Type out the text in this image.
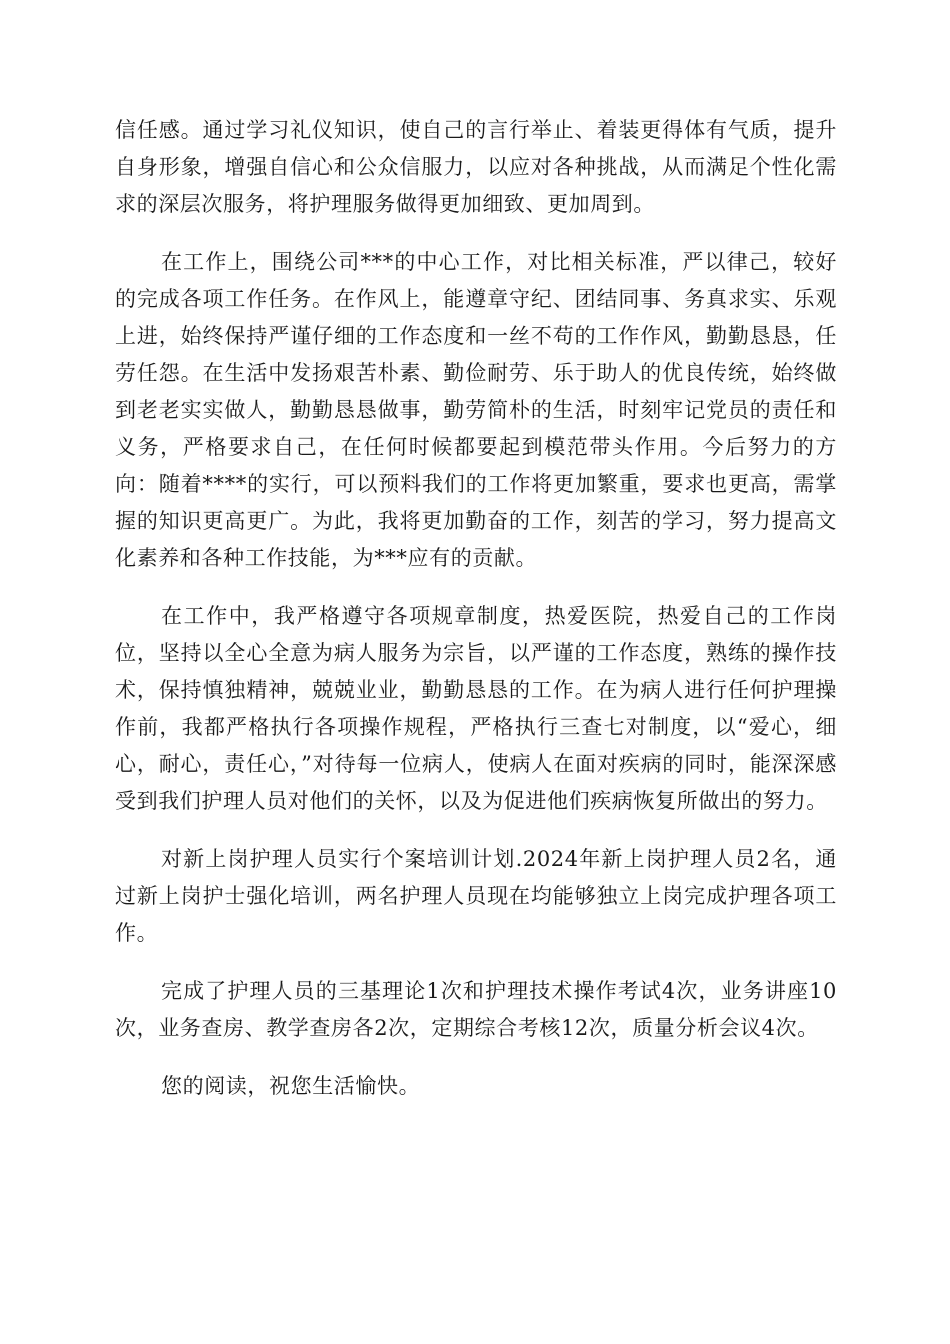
信任感。通过学习礼仪知识，使自己的言行举止、着装更得体有气质，提升自身形象，增强自信心和公众信服力，以应对各种挑战，从而满足个性化需求的深层次服务，将护理服务做得更加细致、更加周到。

在工作上，围绕公司***的中心工作，对比相关标准，严以律己，较好的完成各项工作任务。在作风上，能遵章守纪、团结同事、务真求实、乐观上进，始终保持严谨仔细的工作态度和一丝不苟的工作作风，勤勤恳恳，任劳任怨。在生活中发扬艰苦朴素、勤俭耐劳、乐于助人的优良传统，始终做到老老实实做人，勤勤恳恳做事，勤劳简朴的生活，时刻牢记党员的责任和义务，严格要求自己，在任何时候都要起到模范带头作用。今后努力的方向：随着****的实行，可以预料我们的工作将更加繁重，要求也更高，需掌握的知识更高更广。为此，我将更加勤奋的工作，刻苦的学习，努力提高文化素养和各种工作技能，为***应有的贡献。

在工作中，我严格遵守各项规章制度，热爱医院，热爱自己的工作岗位，坚持以全心全意为病人服务为宗旨，以严谨的工作态度，熟练的操作技术，保持慎独精神，兢兢业业，勤勤恳恳的工作。在为病人进行任何护理操作前，我都严格执行各项操作规程，严格执行三查七对制度，以“爱心，细心，耐心，责任心，”对待每一位病人，使病人在面对疾病的同时，能深深感受到我们护理人员对他们的关怀，以及为促进他们疾病恢复所做出的努力。

对新上岗护理人员实行个案培训计划.2024年新上岗护理人员2名，通过新上岗护士强化培训，两名护理人员现在均能够独立上岗完成护理各项工作。

完成了护理人员的三基理论1次和护理技术操作考试4次，业务讲座10次，业务查房、教学查房各2次，定期综合考核12次，质量分析会议4次。

您的阅读，祝您生活愉快。
